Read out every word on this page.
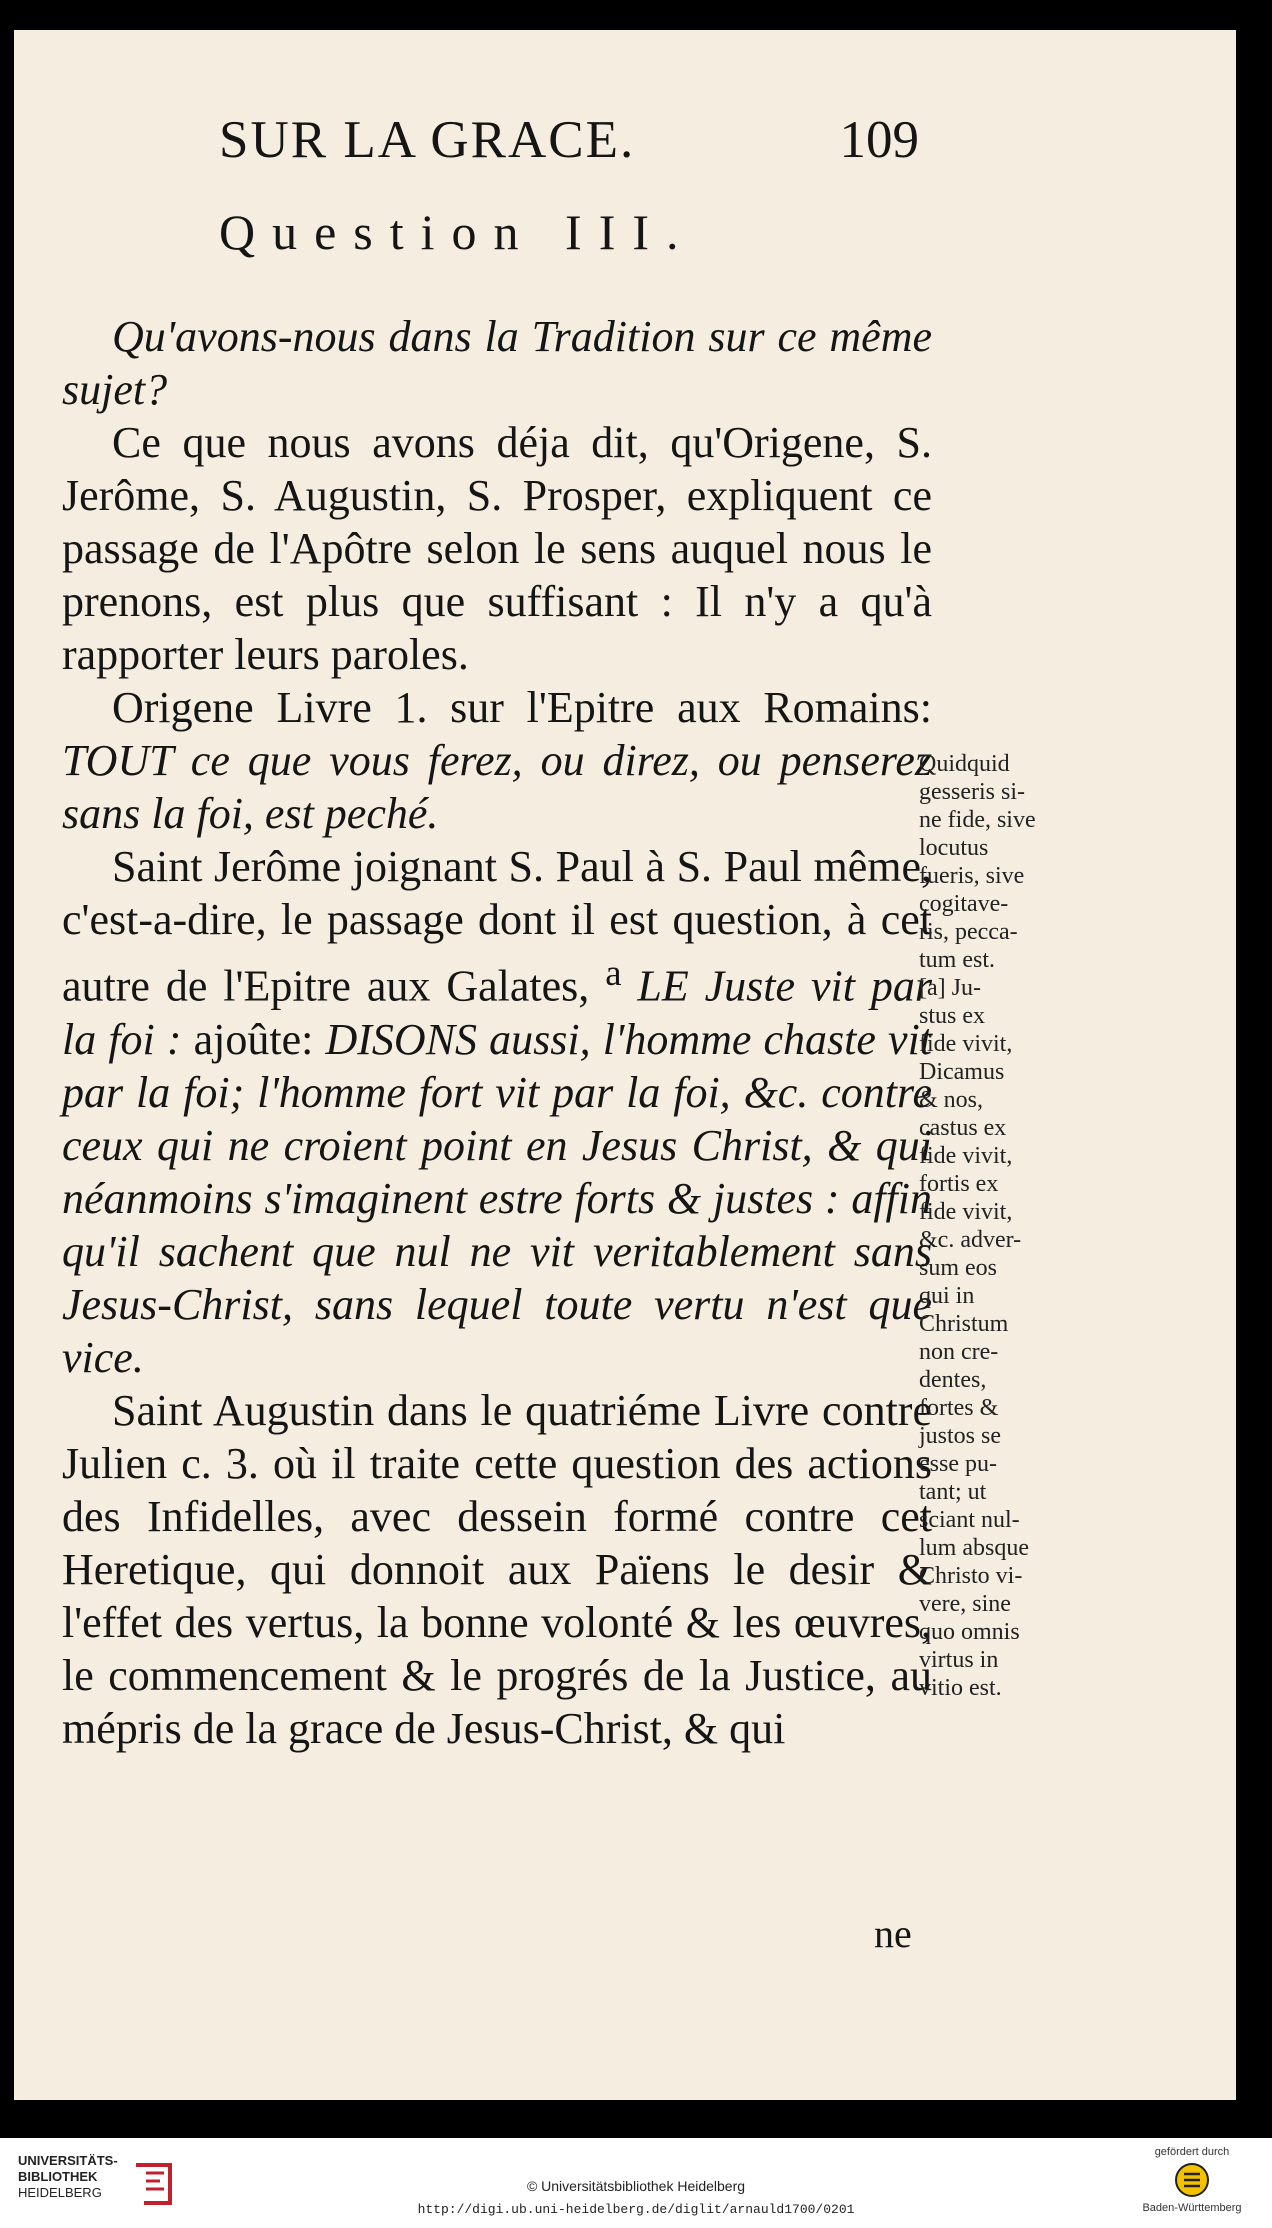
SUR LA GRACE.	109
Question III.

Qu'avons-nous dans la Tradition sur ce même sujet?

Ce que nous avons déja dit, qu'Origene, S. Jerôme, S. Augustin, S. Prosper, expliquent ce passage de l'Apôtre selon le sens auquel nous le prenons, est plus que suffisant : Il n'y a qu'à rapporter leurs paroles.

Origene Livre 1. sur l'Epitre aux Romains: TOUT ce que vous ferez, ou direz, ou penserez sans la foi, est peché.

Saint Jerôme joignant S. Paul à S. Paul même, c'est-a-dire, le passage dont il est question, à cet autre de l'Epitre aux Galates, $^a$ LE Juste vit par la foi : ajoûte: DISONS aussi, l'homme chaste vit par la foi; l'homme fort vit par la foi, &c. contre ceux qui ne croient point en Jesus Christ, & qui néanmoins s'imaginent estre forts & justes : affin qu'il sachent que nul ne vit veritablement sans Jesus-Christ, sans lequel toute vertu n'est que vice.

Saint Augustin dans le quatriéme Livre contre Julien c. 3. où il traite cette question des actions des Infidelles, avec dessein formé contre cet Heretique, qui donnoit aux Païens le desir & l'effet des vertus, la bonne volonté & les œuvres, le commencement & le progrés de la Justice, au mépris de la grace de Jesus-Christ, & qui

Quidquid
gesseris si-
ne fide, sive
locutus
fueris, sive
cogitave-
ris, pecca-
tum est.
[a] Ju-
stus ex
fide vivit,
Dicamus
& nos,
castus ex
fide vivit,
fortis ex
fide vivit,
&c. adver-
sum eos
qui in
Christum
non cre-
dentes,
fortes &
justos se
esse pu-
tant; ut
sciant nul-
lum absque
Christo vi-
vere, sine
quo omnis
virtus in
vitio est.
ne
UNIVERSITÄTS-
BIBLIOTHEK
HEIDELBERG	© Universitätsbibliothek Heidelberg
http://digi.ub.uni-heidelberg.de/diglit/arnauld1700/0201
gefördert durch
Baden-Württemberg
